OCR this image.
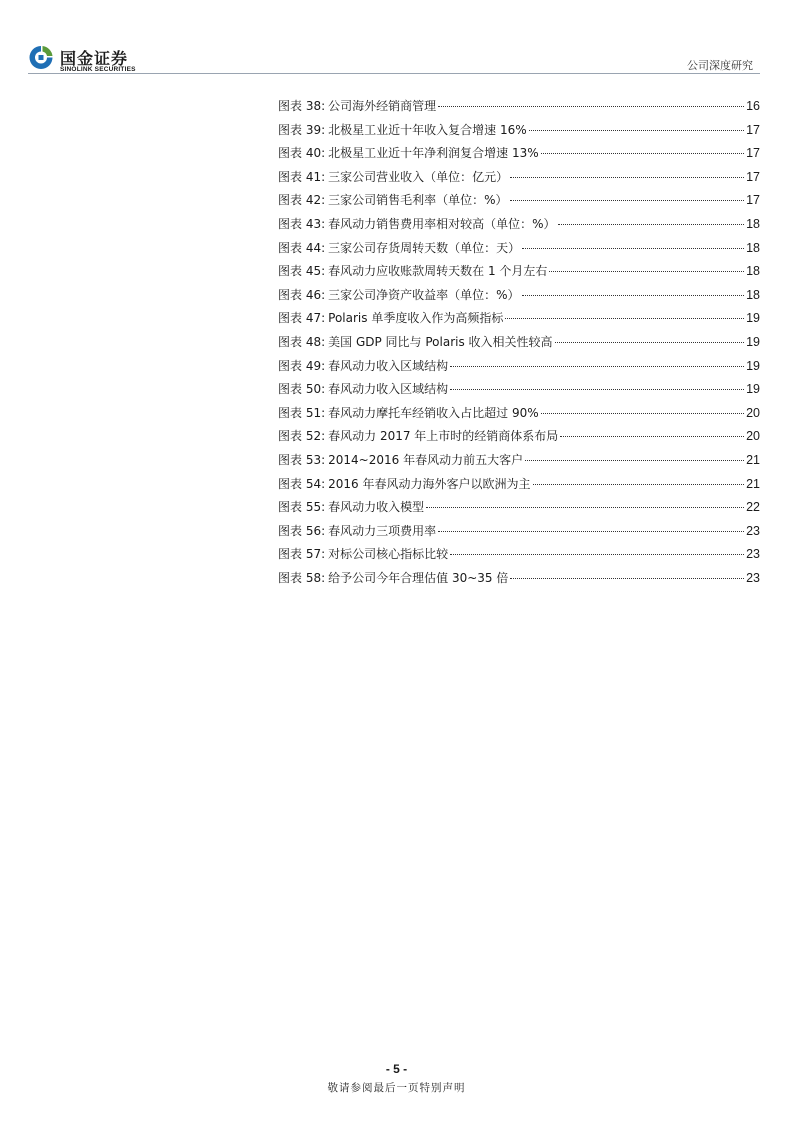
国金证券
SINOLINK SECURITIES	公司深度研究
图表 38: 公司海外经销商管理	16
图表 39: 北极星工业近十年收入复合增速 16%	17
图表 40: 北极星工业近十年净利润复合增速 13%	17
图表 41: 三家公司营业收入（单位：亿元）	17
图表 42: 三家公司销售毛利率（单位：%）	17
图表 43: 春风动力销售费用率相对较高（单位：%）	18
图表 44: 三家公司存货周转天数（单位：天）	18
图表 45: 春风动力应收账款周转天数在 1 个月左右	18
图表 46: 三家公司净资产收益率（单位：%）	18
图表 47: Polaris 单季度收入作为高频指标	19
图表 48: 美国 GDP 同比与 Polaris 收入相关性较高	19
图表 49: 春风动力收入区域结构	19
图表 50: 春风动力收入区域结构	19
图表 51: 春风动力摩托车经销收入占比超过 90%	20
图表 52: 春风动力 2017 年上市时的经销商体系布局	20
图表 53: 2014~2016 年春风动力前五大客户	21
图表 54: 2016 年春风动力海外客户以欧洲为主	21
图表 55: 春风动力收入模型	22
图表 56: 春风动力三项费用率	23
图表 57: 对标公司核心指标比较	23
图表 58: 给予公司今年合理估值 30~35 倍	23
- 5 -
敬请参阅最后一页特别声明
